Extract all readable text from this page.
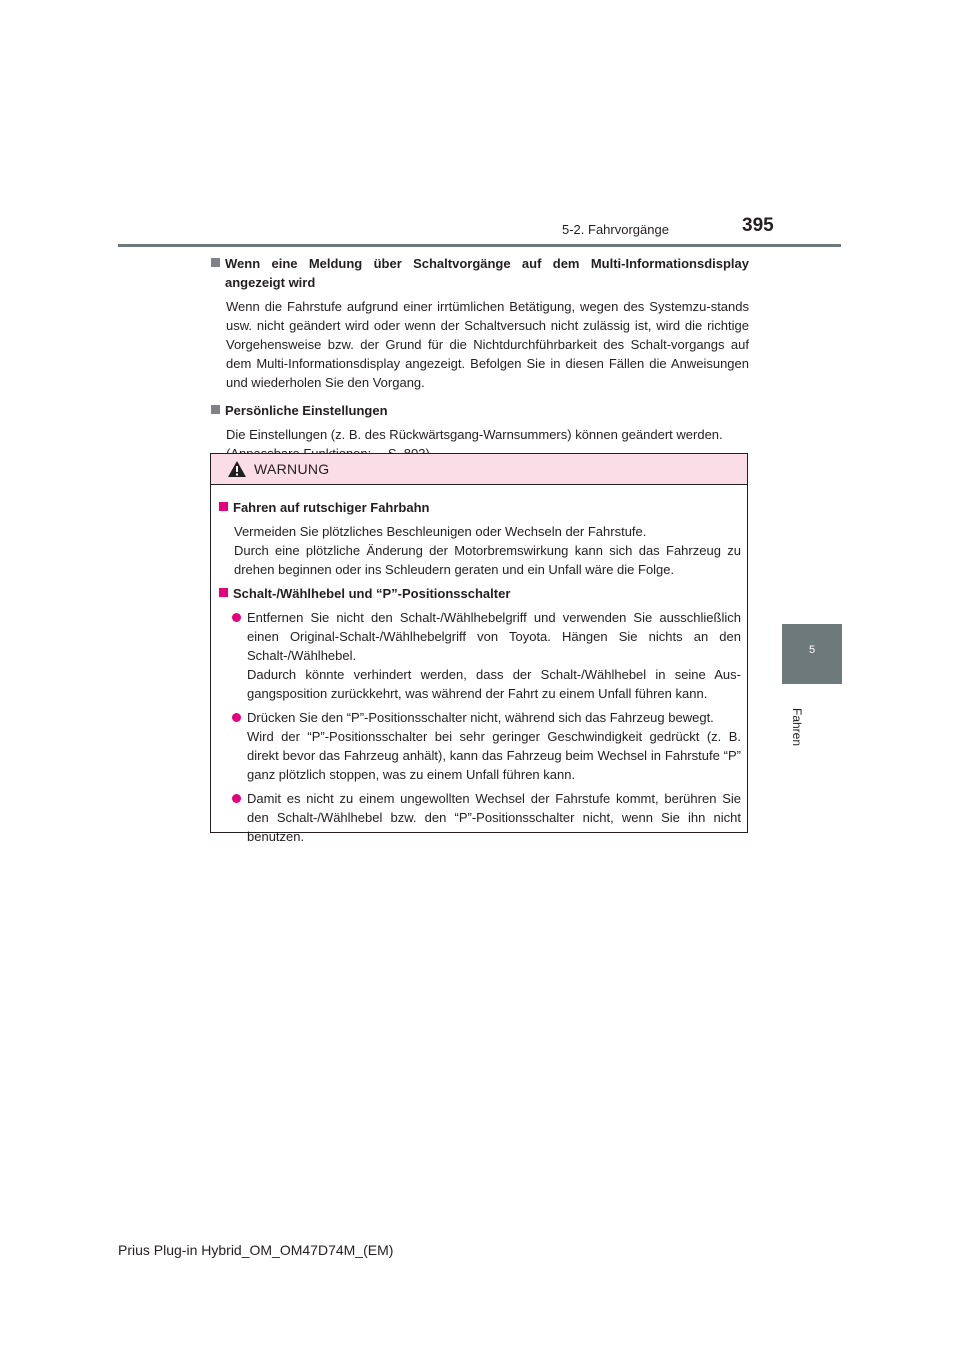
5-2. Fahrvorgänge	395
5
Fahren
Wenn eine Meldung über Schaltvorgänge auf dem Multi-Informationsdisplay angezeigt wird
Wenn die Fahrstufe aufgrund einer irrtümlichen Betätigung, wegen des Systemzu-stands usw. nicht geändert wird oder wenn der Schaltversuch nicht zulässig ist, wird die richtige Vorgehensweise bzw. der Grund für die Nichtdurchführbarkeit des Schalt-vorgangs auf dem Multi-Informationsdisplay angezeigt. Befolgen Sie in diesen Fällen die Anweisungen und wiederholen Sie den Vorgang.
Persönliche Einstellungen
Die Einstellungen (z. B. des Rückwärtsgang-Warnsummers) können geändert werden.
WARNUNG
Fahren auf rutschiger Fahrbahn
Vermeiden Sie plötzliches Beschleunigen oder Wechseln der Fahrstufe.
Durch eine plötzliche Änderung der Motorbremswirkung kann sich das Fahrzeug zu drehen beginnen oder ins Schleudern geraten und ein Unfall wäre die Folge.
Schalt-/Wählhebel und “P”-Positionsschalter
Entfernen Sie nicht den Schalt-/Wählhebelgriff und verwenden Sie ausschließlich einen Original-Schalt-/Wählhebelgriff von Toyota. Hängen Sie nichts an den Schalt-/Wählhebel.
Dadurch könnte verhindert werden, dass der Schalt-/Wählhebel in seine Aus-gangsposition zurückkehrt, was während der Fahrt zu einem Unfall führen kann.
Drücken Sie den “P”-Positionsschalter nicht, während sich das Fahrzeug bewegt.
Wird der “P”-Positionsschalter bei sehr geringer Geschwindigkeit gedrückt (z. B. direkt bevor das Fahrzeug anhält), kann das Fahrzeug beim Wechsel in Fahrstufe “P” ganz plötzlich stoppen, was zu einem Unfall führen kann.
Damit es nicht zu einem ungewollten Wechsel der Fahrstufe kommt, berühren Sie den Schalt-/Wählhebel bzw. den “P”-Positionsschalter nicht, wenn Sie ihn nicht benutzen.
Prius Plug-in Hybrid_OM_OM47D74M_(EM)
